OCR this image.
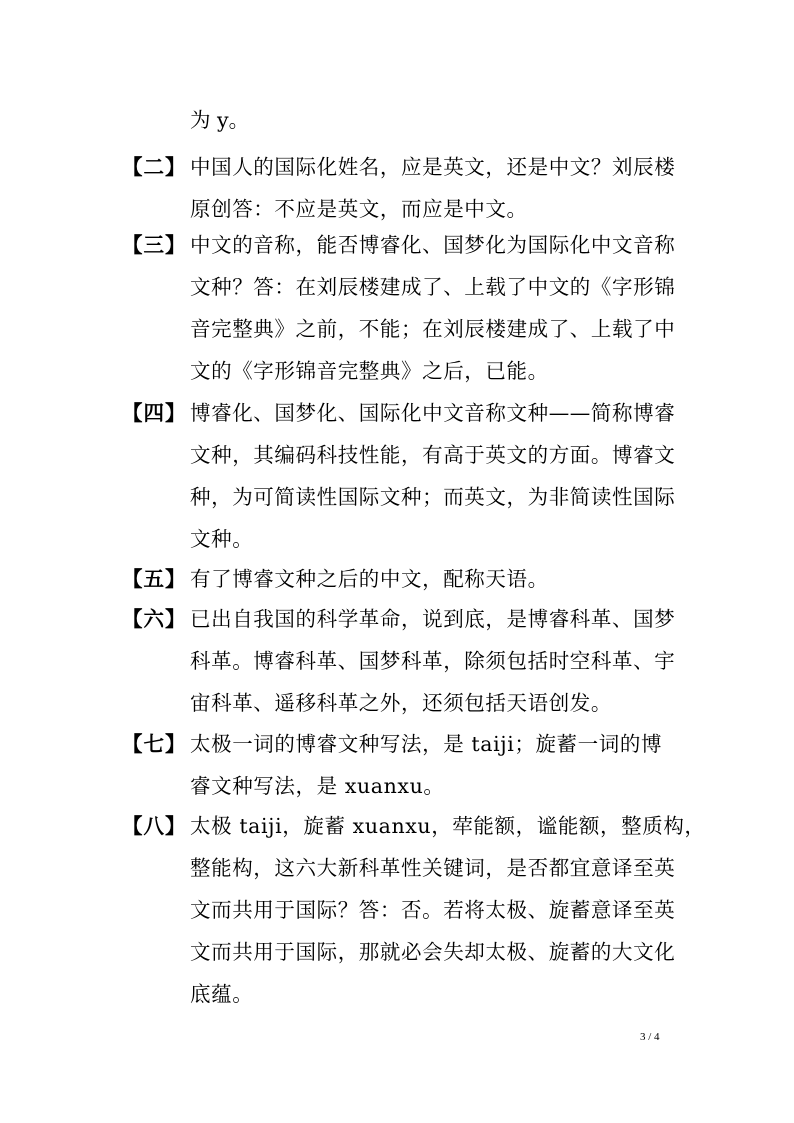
为 y。
【二】 中国人的国际化姓名，应是英文，还是中文？刘辰楼
原创答：不应是英文，而应是中文。
【三】 中文的音称，能否博睿化、国梦化为国际化中文音称
文种？答：在刘辰楼建成了、上载了中文的《字形锦
音完整典》之前，不能；在刘辰楼建成了、上载了中
文的《字形锦音完整典》之后，已能。
【四】 博睿化、国梦化、国际化中文音称文种——简称博睿
文种，其编码科技性能，有高于英文的方面。博睿文
种，为可简读性国际文种；而英文，为非简读性国际
文种。
【五】 有了博睿文种之后的中文，配称天语。
【六】 已出自我国的科学革命，说到底，是博睿科革、国梦
科革。博睿科革、国梦科革，除须包括时空科革、宇
宙科革、遥移科革之外，还须包括天语创发。
【七】 太极一词的博睿文种写法，是 taiji；旋蓄一词的博
睿文种写法，是 xuanxu。
【八】 太极 taiji，旋蓄 xuanxu，荦能额，谧能额，整质构，
整能构，这六大新科革性关键词，是否都宜意译至英
文而共用于国际？答：否。若将太极、旋蓄意译至英
文而共用于国际，那就必会失却太极、旋蓄的大文化
底蕴。
3 / 4
